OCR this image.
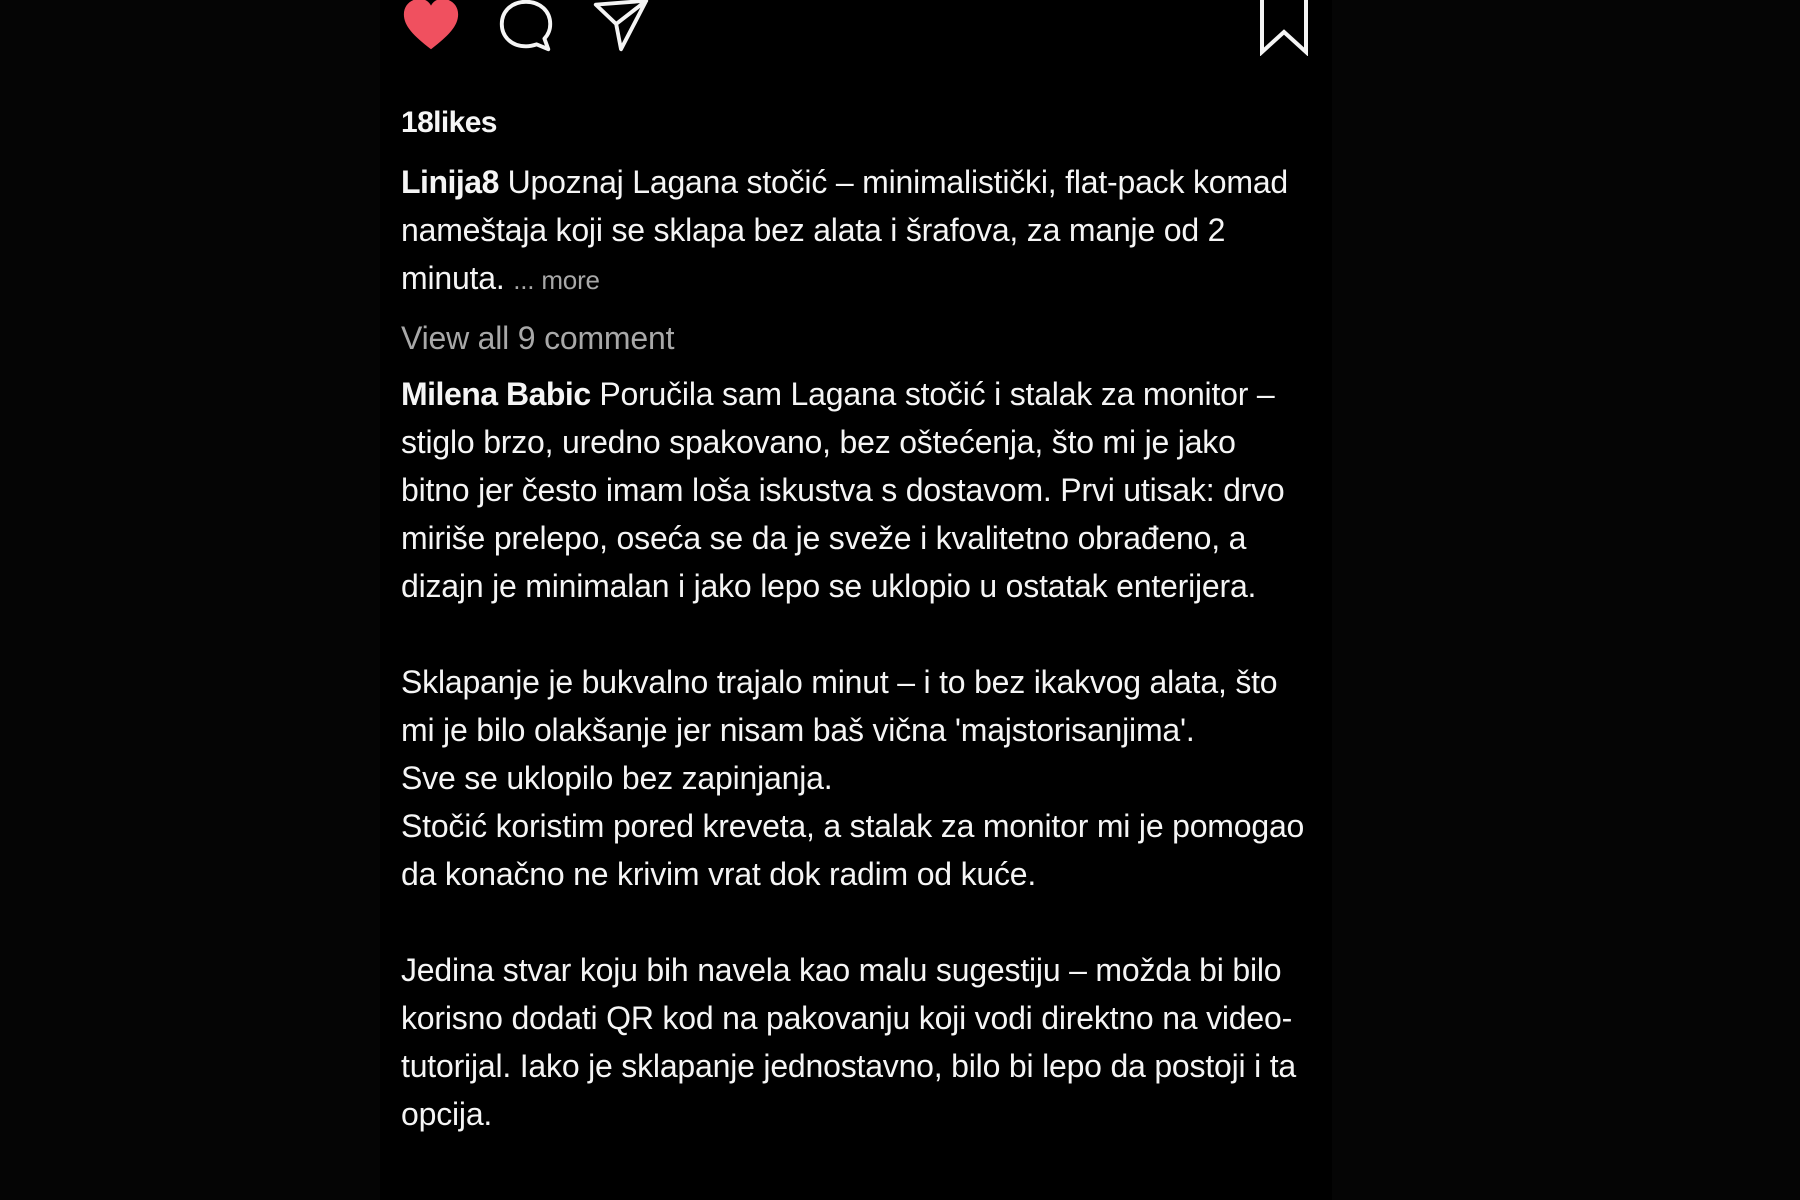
18likes

Linija8 Upoznaj Lagana stočić – minimalistički, flat-pack komad nameštaja koji se sklapa bez alata i šrafova, za manje od 2 minuta. ... more

View all 9 comment

Milena Babic Poručila sam Lagana stočić i stalak za monitor – stiglo brzo, uredno spakovano, bez oštećenja, što mi je jako bitno jer često imam loša iskustva s dostavom. Prvi utisak: drvo miriše prelepo, oseća se da je sveže i kvalitetno obrađeno, a dizajn je minimalan i jako lepo se uklopio u ostatak enterijera.

Sklapanje je bukvalno trajalo minut – i to bez ikakvog alata, što mi je bilo olakšanje jer nisam baš vična 'majstorisanjima'.
Sve se uklopilo bez zapinjanja.
Stočić koristim pored kreveta, a stalak za monitor mi je pomogao da konačno ne krivim vrat dok radim od kuće.

Jedina stvar koju bih navela kao malu sugestiju – možda bi bilo korisno dodati QR kod na pakovanju koji vodi direktno na video-tutorijal. Iako je sklapanje jednostavno, bilo bi lepo da postoji i ta opcija.
